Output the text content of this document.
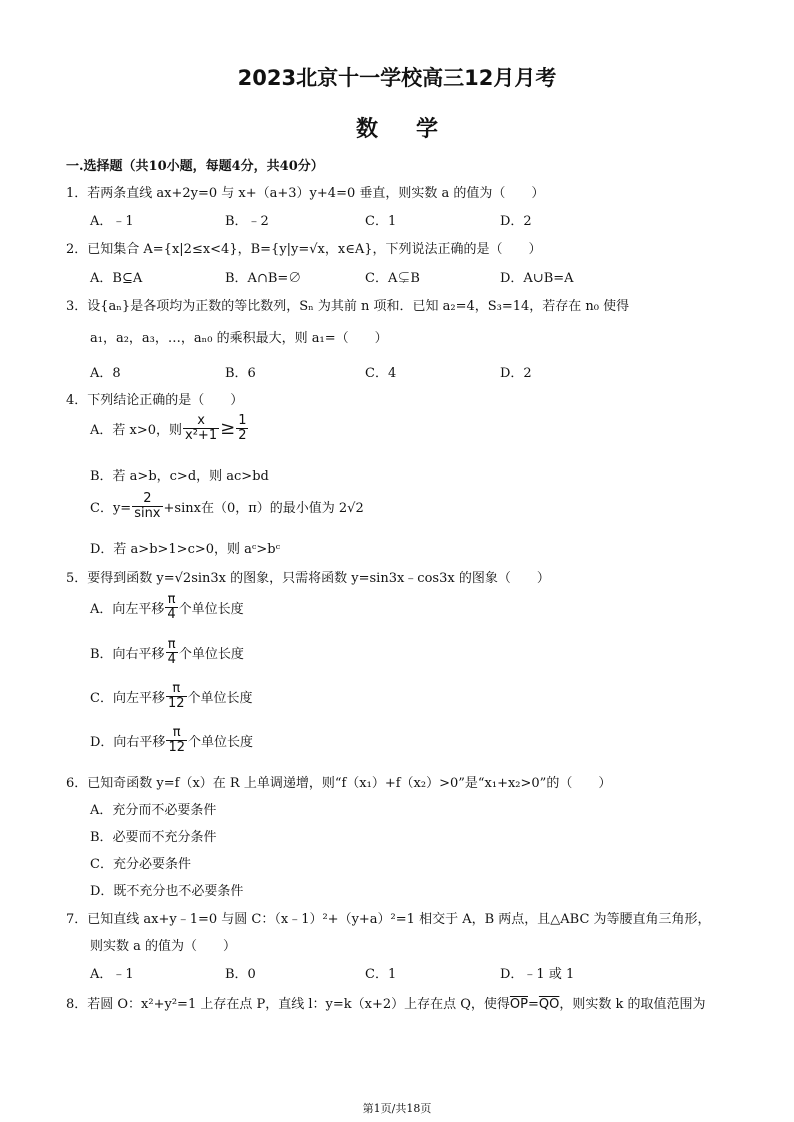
2023北京十一学校高三12月月考
数学
一.选择题（共10小题，每题4分，共40分）
1．若两条直线 ax+2y=0 与 x+（a+3）y+4=0 垂直，则实数 a 的值为（　　）
A．﹣1	B．﹣2	C．1	D．2
2．已知集合 A={x|2≤x<4}，B={y|y=√x，x∈A}，下列说法正确的是（　　）
A．B⊆A	B．A∩B=∅	C．A⊊B	D．A∪B=A
3．设{aₙ}是各项均为正数的等比数列，Sₙ 为其前 n 项和．已知 a₂=4，S₃=14，若存在 n₀ 使得
a₁，a₂，a₃，…，aₙ₀ 的乘积最大，则 a₁=（　　）
A．8	B．6	C．4	D．2
4．下列结论正确的是（　　）
A．若 x>0，则 $\frac{x}{\text{x²+1}} \ge \frac{1}{2}$
B．若 a>b，c>d，则 ac>bd
C．$y= \frac{2}{\sin x} +\sin x$在（0，π）的最小值为 2√2
D．若 a>b>1>c>0，则 aᶜ>bᶜ
5．要得到函数 y=√2sin3x 的图象，只需将函数 y=sin3x﹣cos3x 的图象（　　）
A．向左平移 $\frac{\pi}{4}$ 个单位长度
B．向右平移 $\frac{\pi}{4}$ 个单位长度
C．向左平移 $\frac{\pi}{12}$ 个单位长度
D．向右平移 $\frac{\pi}{12}$ 个单位长度
6．已知奇函数 y=f（x）在 R 上单调递增，则“f（x₁）+f（x₂）>0”是“x₁+x₂>0”的（　　）
A．充分而不必要条件
B．必要而不充分条件
C．充分必要条件
D．既不充分也不必要条件
7．已知直线 ax+y﹣1=0 与圆 C：（x﹣1）²+（y+a）²=1 相交于 A，B 两点，且△ABC 为等腰直角三角形，
则实数 a 的值为（　　）
A．﹣1	B．0	C．1	D．﹣1 或 1
8．若圆 O：x²+y²=1 上存在点 P，直线 l：y=k（x+2）上存在点 Q，使得$\overline{OP}=\overline{QO}$，则实数 k 的取值范围为
第1页/共18页
